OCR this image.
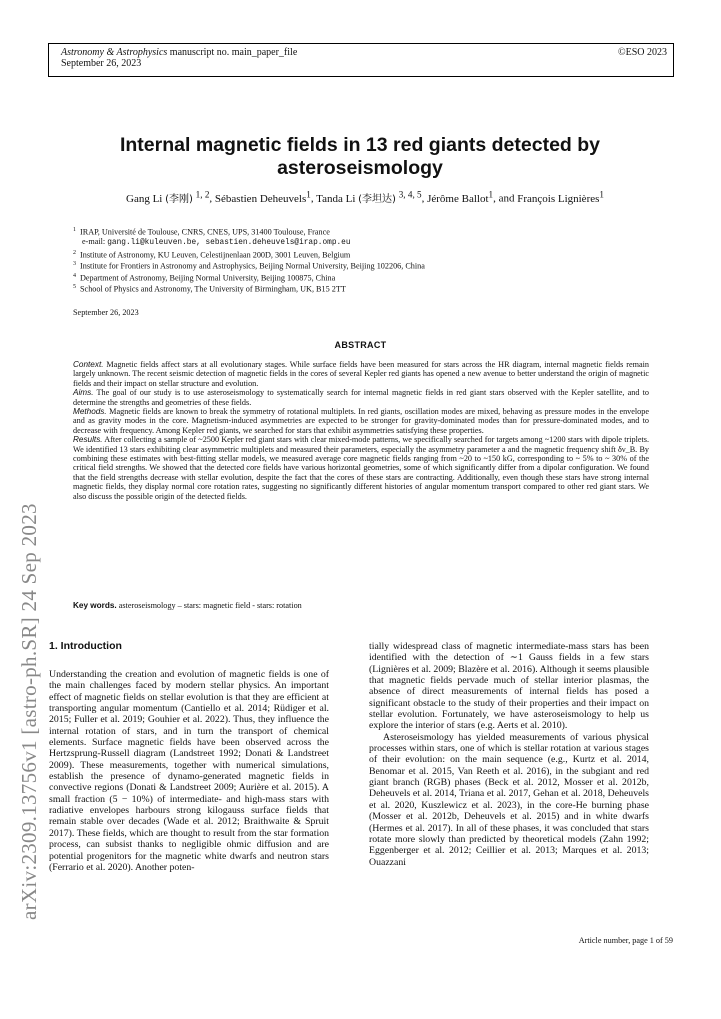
Astronomy & Astrophysics manuscript no. main_paper_file
September 26, 2023
©ESO 2023
arXiv:2309.13756v1 [astro-ph.SR] 24 Sep 2023
Internal magnetic fields in 13 red giants detected by asteroseismology
Gang Li (李刚) $^{1, 2}$, Sébastien Deheuvels$^1$, Tanda Li (李坦达) $^{3, 4, 5}$, Jérôme Ballot$^1$, and François Lignières$^1$
$^1$ IRAP, Université de Toulouse, CNRS, CNES, UPS, 31400 Toulouse, France
e-mail: gang.li@kuleuven.be, sebastien.deheuvels@irap.omp.eu
$^2$ Institute of Astronomy, KU Leuven, Celestijnenlaan 200D, 3001 Leuven, Belgium
$^3$ Institute for Frontiers in Astronomy and Astrophysics, Beijing Normal University, Beijing 102206, China
$^4$ Department of Astronomy, Beijing Normal University, Beijing 100875, China
$^5$ School of Physics and Astronomy, The University of Birmingham, UK, B15 2TT
September 26, 2023
ABSTRACT

Context. Magnetic fields affect stars at all evolutionary stages. While surface fields have been measured for stars across the HR diagram, internal magnetic fields remain largely unknown. The recent seismic detection of magnetic fields in the cores of several Kepler red giants has opened a new avenue to better understand the origin of magnetic fields and their impact on stellar structure and evolution.

Aims. The goal of our study is to use asteroseismology to systematically search for internal magnetic fields in red giant stars observed with the Kepler satellite, and to determine the strengths and geometries of these fields.

Methods. Magnetic fields are known to break the symmetry of rotational multiplets. In red giants, oscillation modes are mixed, behaving as pressure modes in the envelope and as gravity modes in the core. Magnetism-induced asymmetries are expected to be stronger for gravity-dominated modes than for pressure-dominated modes, and to decrease with frequency. Among Kepler red giants, we searched for stars that exhibit asymmetries satisfying these properties.

Results. After collecting a sample of ~2500 Kepler red giant stars with clear mixed-mode patterns, we specifically searched for targets among ~1200 stars with dipole triplets. We identified 13 stars exhibiting clear asymmetric multiplets and measured their parameters, especially the asymmetry parameter a and the magnetic frequency shift δν_B. By combining these estimates with best-fitting stellar models, we measured average core magnetic fields ranging from ~20 to ~150 kG, corresponding to ~ 5% to ~ 30% of the critical field strengths. We showed that the detected core fields have various horizontal geometries, some of which significantly differ from a dipolar configuration. We found that the field strengths decrease with stellar evolution, despite the fact that the cores of these stars are contracting. Additionally, even though these stars have strong internal magnetic fields, they display normal core rotation rates, suggesting no significantly different histories of angular momentum transport compared to other red giant stars. We also discuss the possible origin of the detected fields.

Key words. asteroseismology – stars: magnetic field - stars: rotation
1. Introduction

Understanding the creation and evolution of magnetic fields is one of the main challenges faced by modern stellar physics. An important effect of magnetic fields on stellar evolution is that they are efficient at transporting angular momentum (Cantiello et al. 2014; Rüdiger et al. 2015; Fuller et al. 2019; Gouhier et al. 2022). Thus, they influence the internal rotation of stars, and in turn the transport of chemical elements. Surface magnetic fields have been observed across the Hertzsprung-Russell diagram (Landstreet 1992; Donati & Landstreet 2009). These measurements, together with numerical simulations, establish the presence of dynamo-generated magnetic fields in convective regions (Donati & Landstreet 2009; Aurière et al. 2015). A small fraction (5 − 10%) of intermediate- and high-mass stars with radiative envelopes harbours strong kilogauss surface fields that remain stable over decades (Wade et al. 2012; Braithwaite & Spruit 2017). These fields, which are thought to result from the star formation process, can subsist thanks to negligible ohmic diffusion and are potential progenitors for the magnetic white dwarfs and neutron stars (Ferrario et al. 2020). Another poten-

tially widespread class of magnetic intermediate-mass stars has been identified with the detection of ∼1 Gauss fields in a few stars (Lignières et al. 2009; Blazère et al. 2016). Although it seems plausible that magnetic fields pervade much of stellar interior plasmas, the absence of direct measurements of internal fields has posed a significant obstacle to the study of their properties and their impact on stellar evolution. Fortunately, we have asteroseismology to help us explore the interior of stars (e.g. Aerts et al. 2010).

Asteroseismology has yielded measurements of various physical processes within stars, one of which is stellar rotation at various stages of their evolution: on the main sequence (e.g., Kurtz et al. 2014, Benomar et al. 2015, Van Reeth et al. 2016), in the subgiant and red giant branch (RGB) phases (Beck et al. 2012, Mosser et al. 2012b, Deheuvels et al. 2014, Triana et al. 2017, Gehan et al. 2018, Deheuvels et al. 2020, Kuszlewicz et al. 2023), in the core-He burning phase (Mosser et al. 2012b, Deheuvels et al. 2015) and in white dwarfs (Hermes et al. 2017). In all of these phases, it was concluded that stars rotate more slowly than predicted by theoretical models (Zahn 1992; Eggenberger et al. 2012; Ceillier et al. 2013; Marques et al. 2013; Ouazzani

Article number, page 1 of 59
